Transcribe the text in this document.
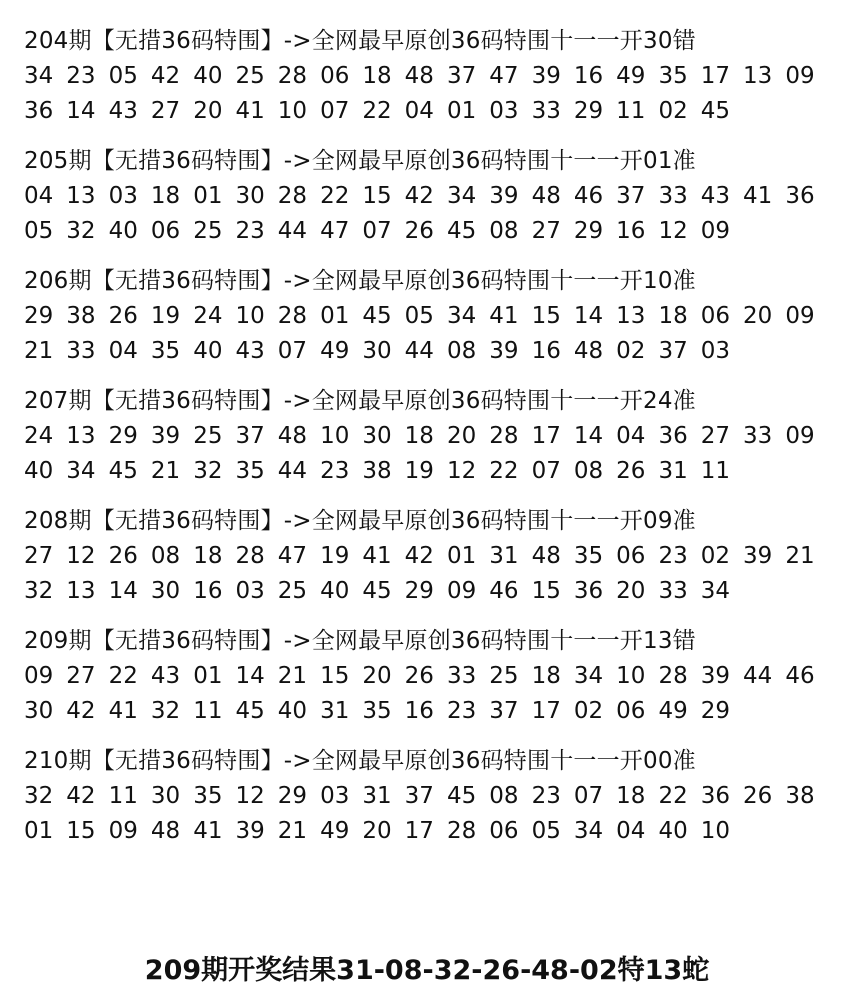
204期【无措36码特围】->全网最早原创36码特围十一一开30错
34 23 05 42 40 25 28 06 18 48 37 47 39 16 49 35 17 13 09
36 14 43 27 20 41 10 07 22 04 01 03 33 29 11 02 45
205期【无措36码特围】->全网最早原创36码特围十一一开01准
04 13 03 18 01 30 28 22 15 42 34 39 48 46 37 33 43 41 36
05 32 40 06 25 23 44 47 07 26 45 08 27 29 16 12 09
206期【无措36码特围】->全网最早原创36码特围十一一开10准
29 38 26 19 24 10 28 01 45 05 34 41 15 14 13 18 06 20 09
21 33 04 35 40 43 07 49 30 44 08 39 16 48 02 37 03
207期【无措36码特围】->全网最早原创36码特围十一一开24准
24 13 29 39 25 37 48 10 30 18 20 28 17 14 04 36 27 33 09
40 34 45 21 32 35 44 23 38 19 12 22 07 08 26 31 11
208期【无措36码特围】->全网最早原创36码特围十一一开09准
27 12 26 08 18 28 47 19 41 42 01 31 48 35 06 23 02 39 21
32 13 14 30 16 03 25 40 45 29 09 46 15 36 20 33 34
209期【无措36码特围】->全网最早原创36码特围十一一开13错
09 27 22 43 01 14 21 15 20 26 33 25 18 34 10 28 39 44 46
30 42 41 32 11 45 40 31 35 16 23 37 17 02 06 49 29
210期【无措36码特围】->全网最早原创36码特围十一一开00准
32 42 11 30 35 12 29 03 31 37 45 08 23 07 18 22 36 26 38
01 15 09 48 41 39 21 49 20 17 28 06 05 34 04 40 10
209期开奖结果31-08-32-26-48-02特13蛇
